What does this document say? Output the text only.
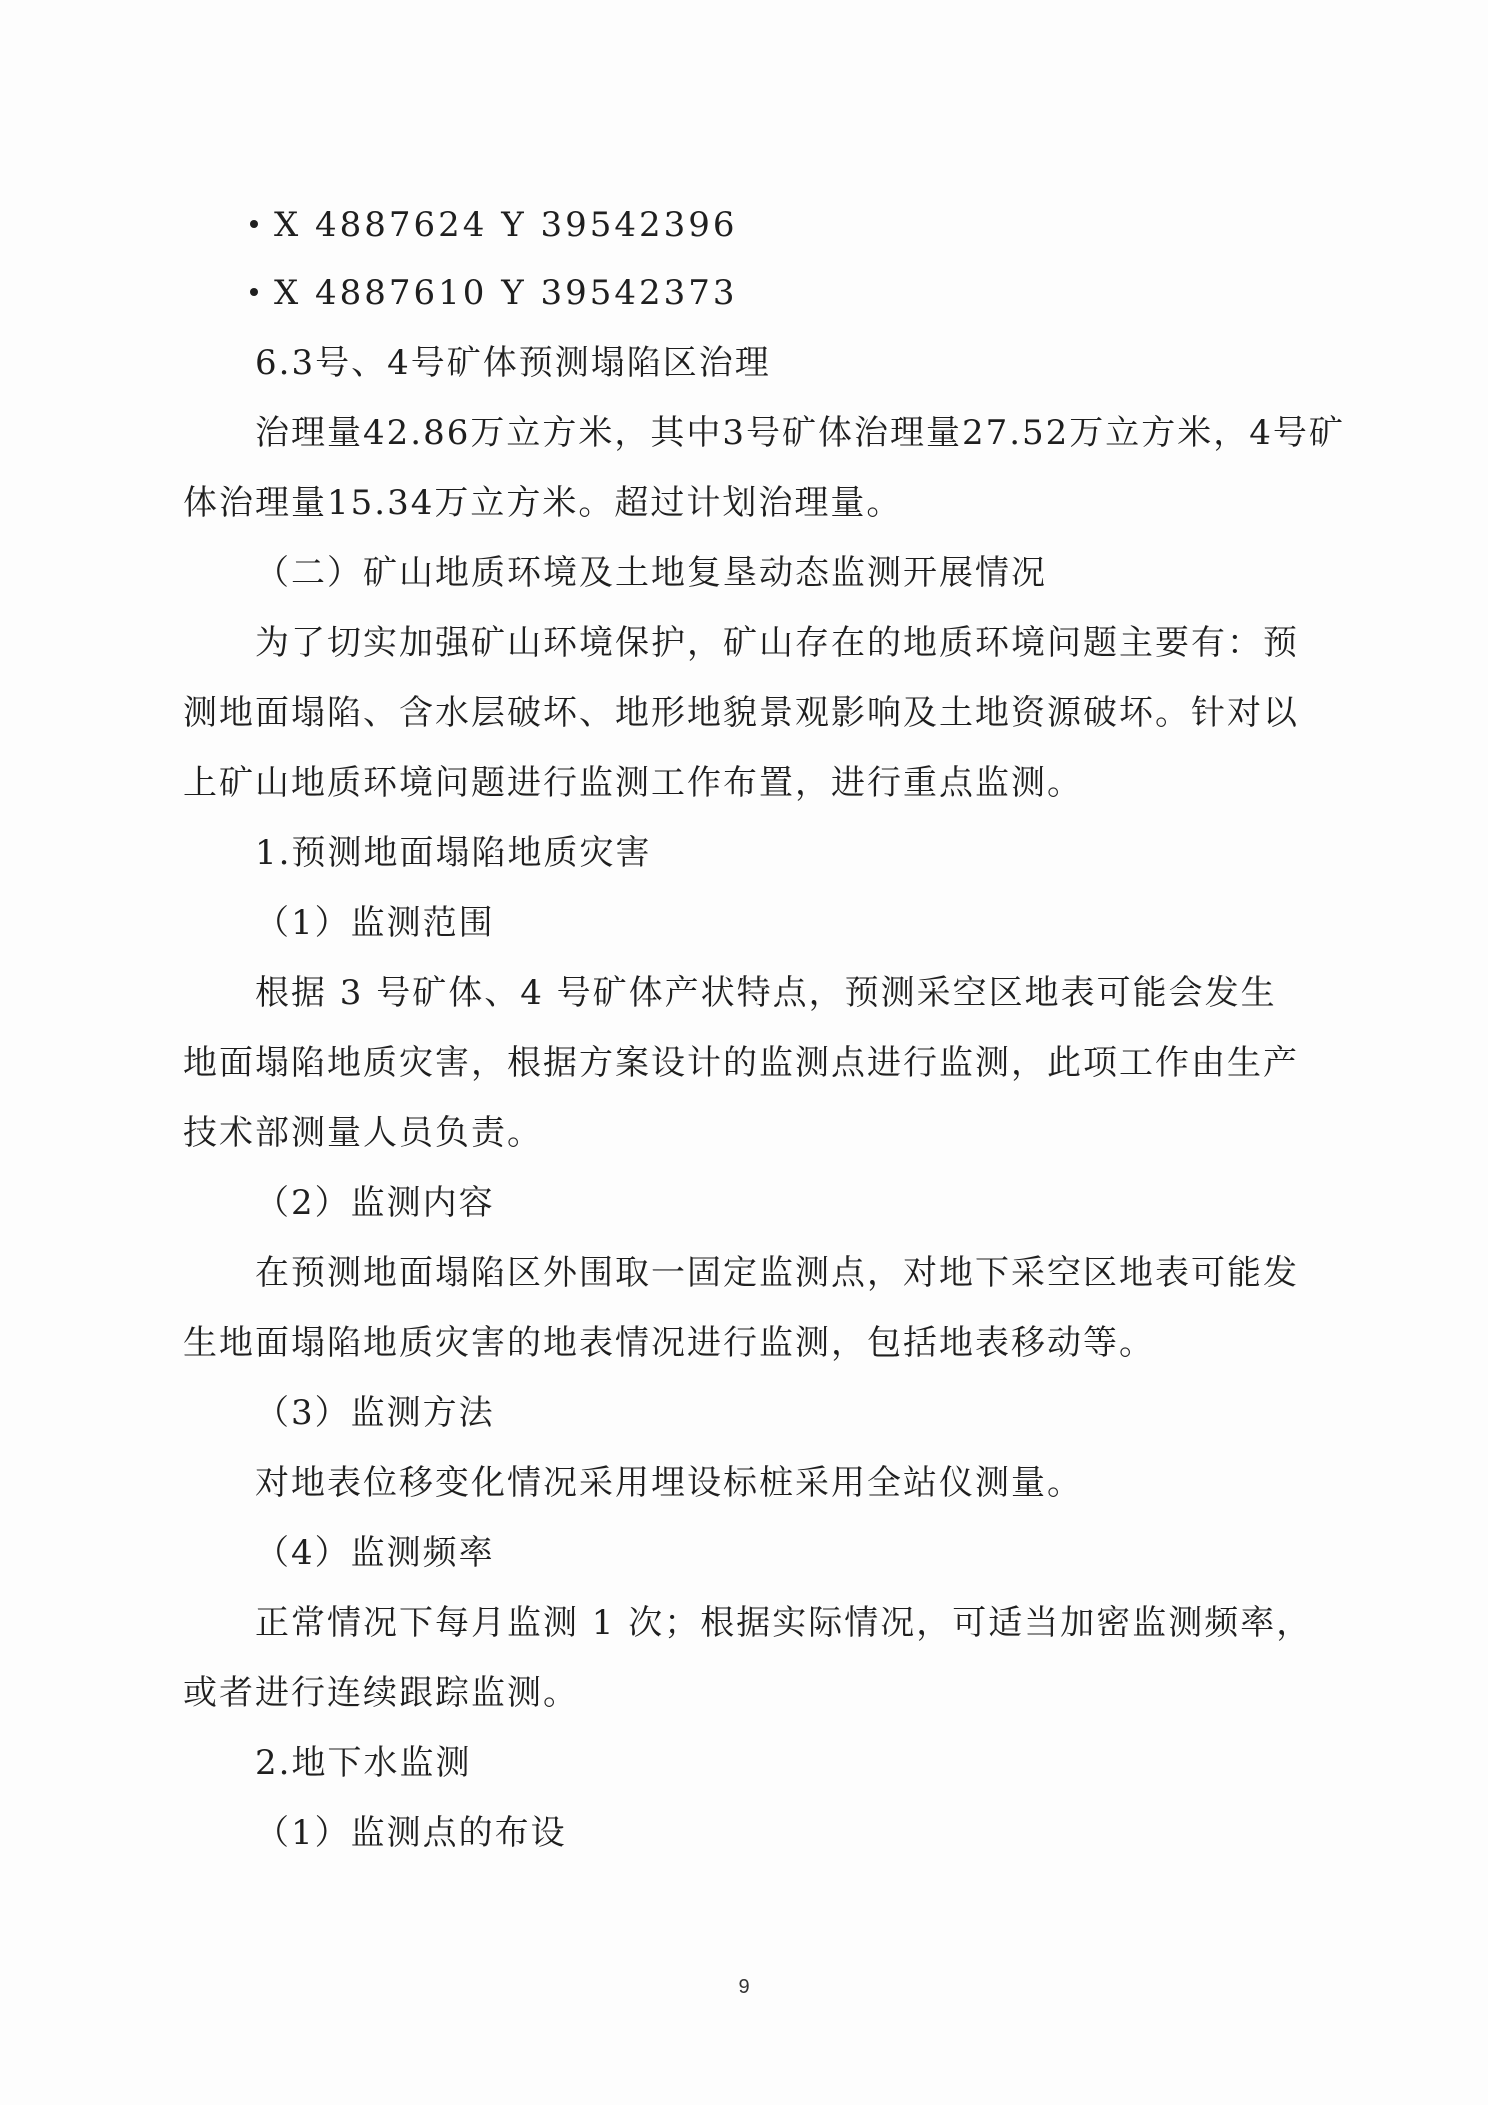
X 4887624 Y 39542396
X 4887610 Y 39542373
6.3号、4号矿体预测塌陷区治理
治理量42.86万立方米，其中3号矿体治理量27.52万立方米，4号矿
体治理量15.34万立方米。超过计划治理量。
（二）矿山地质环境及土地复垦动态监测开展情况
为了切实加强矿山环境保护，矿山存在的地质环境问题主要有：预
测地面塌陷、含水层破坏、地形地貌景观影响及土地资源破坏。针对以
上矿山地质环境问题进行监测工作布置，进行重点监测。
1.预测地面塌陷地质灾害
（1）监测范围
根据 3 号矿体、4 号矿体产状特点，预测采空区地表可能会发生
地面塌陷地质灾害，根据方案设计的监测点进行监测，此项工作由生产
技术部测量人员负责。
（2）监测内容
在预测地面塌陷区外围取一固定监测点，对地下采空区地表可能发
生地面塌陷地质灾害的地表情况进行监测，包括地表移动等。
（3）监测方法
对地表位移变化情况采用埋设标桩采用全站仪测量。
（4）监测频率
正常情况下每月监测 1 次；根据实际情况，可适当加密监测频率，
或者进行连续跟踪监测。
2.地下水监测
（1）监测点的布设
9
